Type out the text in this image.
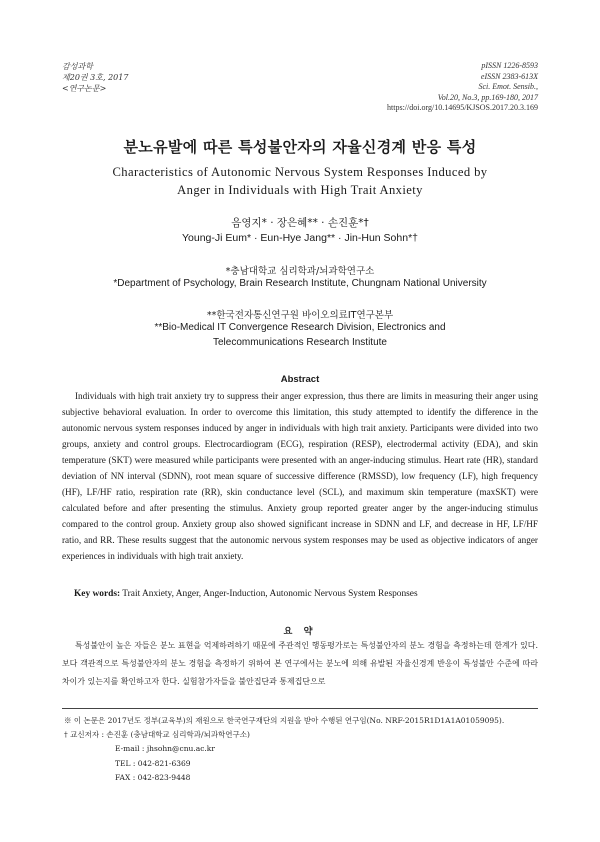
감성과학
제20권 3호, 2017
<연구논문>
pISSN 1226-8593
eISSN 2383-613X
Sci. Emot. Sensib.,
Vol.20, No.3, pp.169-180, 2017
https://doi.org/10.14695/KJSOS.2017.20.3.169
분노유발에 따른 특성불안자의 자율신경계 반응 특성
Characteristics of Autonomic Nervous System Responses Induced by
Anger in Individuals with High Trait Anxiety
음영지* · 장은혜** · 손진훈*†
Young-Ji Eum* · Eun-Hye Jang** · Jin-Hun Sohn*†
*충남대학교 심리학과/뇌과학연구소
*Department of Psychology, Brain Research Institute, Chungnam National University
**한국전자통신연구원 바이오의료IT연구본부
**Bio-Medical IT Convergence Research Division, Electronics and
Telecommunications Research Institute
Abstract

Individuals with high trait anxiety try to suppress their anger expression, thus there are limits in measuring their anger using subjective behavioral evaluation. In order to overcome this limitation, this study attempted to identify the difference in the autonomic nervous system responses induced by anger in individuals with high trait anxiety. Participants were divided into two groups, anxiety and control groups. Electrocardiogram (ECG), respiration (RESP), electrodermal activity (EDA), and skin temperature (SKT) were measured while participants were presented with an anger-inducing stimulus. Heart rate (HR), standard deviation of NN interval (SDNN), root mean square of successive difference (RMSSD), low frequency (LF), high frequency (HF), LF/HF ratio, respiration rate (RR), skin conductance level (SCL), and maximum skin temperature (maxSKT) were calculated before and after presenting the stimulus. Anxiety group reported greater anger by the anger-inducing stimulus compared to the control group. Anxiety group also showed significant increase in SDNN and LF, and decrease in HF, LF/HF ratio, and RR. These results suggest that the autonomic nervous system responses may be used as objective indicators of anger experiences in individuals with high trait anxiety.

Key words: Trait Anxiety, Anger, Anger-Induction, Autonomic Nervous System Responses
요 약

특성불안이 높은 자들은 분노 표현을 억제하려하기 때문에 주관적인 행동평가로는 특성불안자의 분노 경험을 측정하는데 한계가 있다. 보다 객관적으로 특성불안자의 분노 경험을 측정하기 위하여 본 연구에서는 분노에 의해 유발된 자율신경계 반응이 특성불안 수준에 따라 차이가 있는지를 확인하고자 한다. 실험참가자들을 불안집단과 통제집단으로

※ 이 논문은 2017년도 정부(교육부)의 재원으로 한국연구재단의 지원을 받아 수행된 연구임(No. NRF-2015R1D1A1A01059095).
† 교신저자 : 손진훈 (충남대학교 심리학과/뇌과학연구소)
E-mail : jhsohn@cnu.ac.kr
TEL : 042-821-6369
FAX : 042-823-9448
